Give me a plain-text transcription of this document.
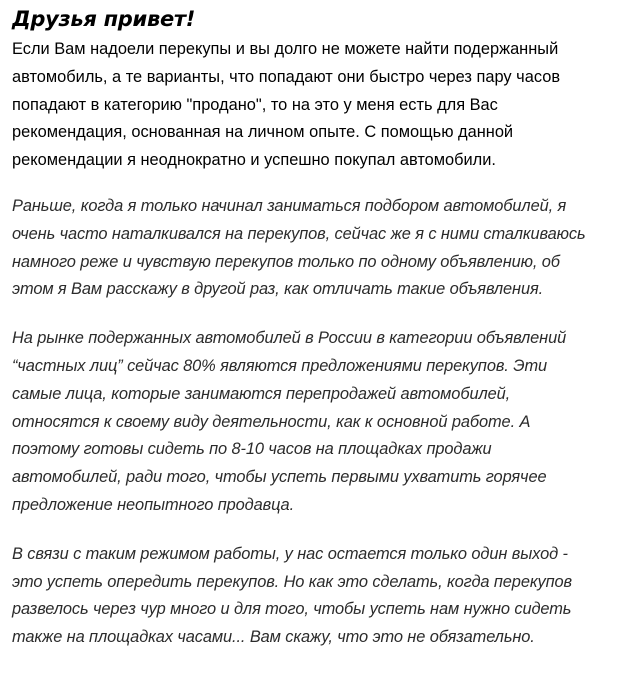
Друзья привет!

Если Вам надоели перекупы и вы долго не можете найти подержанный
автомобиль, а те варианты, что попадают они быстро через пару часов
попадают в категорию "продано", то на это у меня есть для Вас
рекомендация, основанная на личном опыте. С помощью данной
рекомендации я неоднократно и успешно покупал автомобили.

Раньше, когда я только начинал заниматься подбором автомобилей, я
очень часто наталкивался на перекупов, сейчас же я с ними сталкиваюсь
намного реже и чувствую перекупов только по одному объявлению, об
этом я Вам расскажу в другой раз, как отличать такие объявления.

На рынке подержанных автомобилей в России в категории объявлений
“частных лиц” сейчас 80% являются предложениями перекупов. Эти
самые лица, которые занимаются перепродажей автомобилей,
относятся к своему виду деятельности, как к основной работе. А
поэтому готовы сидеть по 8-10 часов на площадках продажи
автомобилей, ради того, чтобы успеть первыми ухватить горячее
предложение неопытного продавца.

В связи с таким режимом работы, у нас остается только один выход -
это успеть опередить перекупов. Но как это сделать, когда перекупов
развелось через чур много и для того, чтобы успеть нам нужно сидеть
также на площадках часами... Вам скажу, что это не обязательно.
